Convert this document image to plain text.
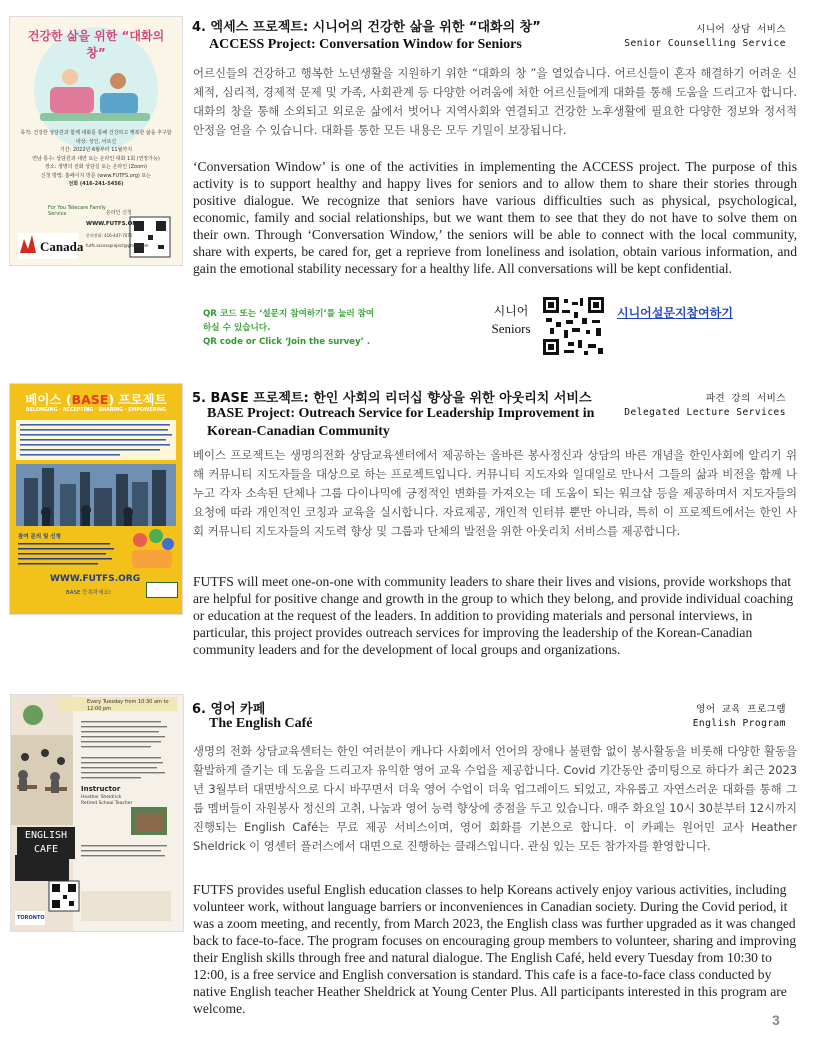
건강한 삶을 위한 “대화의 창”
목적: 건강한 상담원과 함께 대화를 통해 건강하고 행복한 삶을 추구함
대상: 성인, 어르신
기간: 2022년 6월부터 11월까지
연남 통수: 상담원과 대면 또는 온라인 대화 1회 (연장가능)
장소: 생명의 전화 상담실 또는 온라인 (Zoom)
신청 방법: 홈페이지 방문 (www.FUTFS.org) 또는
전화 (416-241-5456)
For You Telecare Family Service
Canada
온라인 신청
WWW.FUTFS.ORG
문의전화: 416-447-7070
futfs.accessproject@gmail.com
4. 엑세스 프로젝트: 시니어의 건강한 삶을 위한 “대화의 창”
ACCESS Project: Conversation Window for Seniors
시니어 상담 서비스
Senior Counselling Service
어르신들의 건강하고 행복한 노년생활을 지원하기 위한 “대화의 창 ”을 열었습니다. 어르신들이 혼자 해결하기 어려운 신체적, 심리적, 경제적 문제 및 가족, 사회관계 등 다양한 어려움에 처한 어르신들에게 대화를 통해 도움을 드리고자 합니다. 대화의 창을 통해 소외되고 외로운 삶에서 벗어나 지역사회와 연결되고 건강한 노후생활에 필요한 다양한 정보와 정서적 안정을 얻을 수 있습니다. 대화를 통한 모든 내용은 모두 기밀이 보장됩니다.
‘Conversation Window’ is one of the activities in implementing the ACCESS project. The purpose of this activity is to support healthy and happy lives for seniors and to allow them to share their stories through positive dialogue. We recognize that seniors have various difficulties such as physical, psychological, economic, family and social relationships, but we want them to see that they do not have to solve them on their own. Through ‘Conversation Window,’ the seniors will be able to connect with the local community, share with experts, be cared for, get a reprieve from loneliness and isolation, obtain various information, and gain the emotional stability necessary for a healthy life. All conversations will be kept confidential.
QR 코드 또는 ‘설문지 참여하기’를 눌러 참여 하실 수 있습니다.
QR code or Click ‘Join the survey’ .
시니어
Seniors
시니어설문지참여하기
베이스 (BASE) 프로젝트
BELONGING · ACCEPTING · SHARING · EMPOWERING
참여 문의 및 신청
WWW.FUTFS.ORG
BASE 등록하세요!
5. BASE 프로젝트: 한인 사회의 리더십 향상을 위한 아웃리치 서비스
BASE Project: Outreach Service for Leadership Improvement in
Korean-Canadian Community
파견 강의 서비스
Delegated Lecture Services
베이스 프로젝트는 생명의전화 상담교육센터에서 제공하는 올바른 봉사정신과 상담의 바른 개념을 한인사회에 알리기 위해 커뮤니티 지도자들을 대상으로 하는 프로젝트입니다. 커뮤니티 지도자와 일대일로 만나서 그들의 삶과 비전을 함께 나누고 각자 소속된 단체나 그룹 다이나믹에 긍정적인 변화를 가져오는 데 도움이 되는 워크샵 등을 제공하며서 지도자들의 요청에 따라 개인적인 코칭과 교육을 실시합니다. 자료제공, 개인적 인터뷰 뿐만 아니라, 특히 이 프로젝트에서는 한인 사회 커뮤니티 지도자들의 지도력 향상 및 그룹과 단체의 발전을 위한 아웃리치 서비스를 제공합니다.
FUTFS will meet one-on-one with community leaders to share their lives and visions, provide workshops that are helpful for positive change and growth in the group to which they belong, and provide individual coaching or education at the request of the leaders. In addition to providing materials and personal interviews, in particular, this project provides outreach services for improving the leadership of the Korean-Canadian community leaders and for the development of local groups and organizations.
Every Tuesday from 10:30 am to 12:00 pm
ENGLISH
CAFE
Instructor
Heather Sheldrick
Retired School Teacher
TORONTO
6. 영어 카페
The English Café
영어 교육 프로그램
English Program
생명의 전화 상담교육센터는 한인 여러분이 캐나다 사회에서 언어의 장애나 불편함 없이 봉사활동을 비롯해 다양한 활동을 활발하게 즐기는 데 도움을 드리고자 유익한 영어 교육 수업을 제공합니다. Covid 기간동안 줌미팅으로 하다가 최근 2023년 3월부터 대면방식으로 다시 바꾸면서 더욱 영어 수업이 더욱 업그레이드 되었고, 자유롭고 자연스러운 대화를 통해 그룹 멤버들이 자원봉사 정신의 고취, 나눔과 영어 능력 향상에 중점을 두고 있습니다. 매주 화요일 10시 30분부터 12시까지 진행되는 English Café는 무료 제공 서비스이며, 영어 회화를 기본으로 합니다. 이 카페는 원어민 교사 Heather Sheldrick 이 영센터 플러스에서 대면으로 진행하는 클래스입니다. 관심 있는 모든 참가자를 환영합니다.
FUTFS provides useful English education classes to help Koreans actively enjoy various activities, including volunteer work, without language barriers or inconveniences in Canadian society. During the Covid period, it was a zoom meeting, and recently, from March 2023, the English class was further upgraded as it was changed back to face-to-face. The program focuses on encouraging group members to volunteer, sharing and improving their English skills through free and natural dialogue. The English Café, held every Tuesday from 10:30 to 12:00, is a free service and English conversation is standard. This cafe is a face-to-face class conducted by native English teacher Heather Sheldrick at Young Center Plus. All participants interested in this program are welcome.
3
